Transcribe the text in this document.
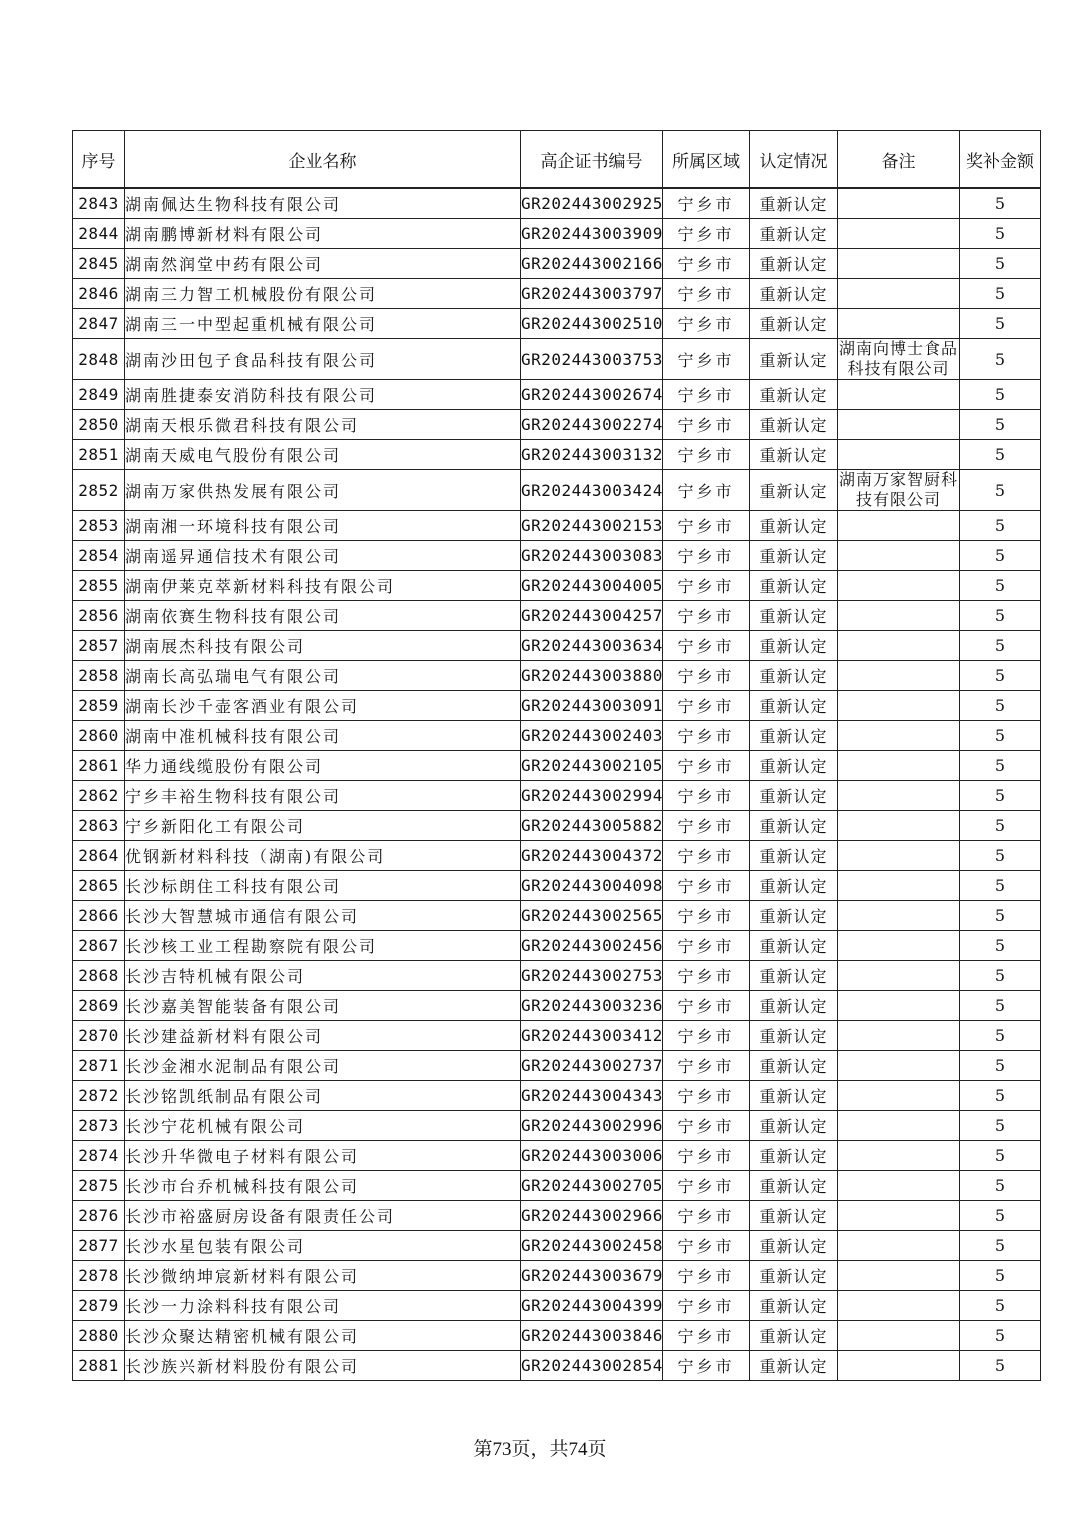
序号	企业名称	高企证书编号	所属区域	认定情况	备注	奖补金额
2843	湖南佩达生物科技有限公司	GR202443002925	宁乡市	重新认定		5
2844	湖南鹏博新材料有限公司	GR202443003909	宁乡市	重新认定		5
2845	湖南然润堂中药有限公司	GR202443002166	宁乡市	重新认定		5
2846	湖南三力智工机械股份有限公司	GR202443003797	宁乡市	重新认定		5
2847	湖南三一中型起重机械有限公司	GR202443002510	宁乡市	重新认定		5
2848	湖南沙田包子食品科技有限公司	GR202443003753	宁乡市	重新认定	湖南向博士食品科技有限公司	5
2849	湖南胜捷泰安消防科技有限公司	GR202443002674	宁乡市	重新认定		5
2850	湖南天根乐微君科技有限公司	GR202443002274	宁乡市	重新认定		5
2851	湖南天威电气股份有限公司	GR202443003132	宁乡市	重新认定		5
2852	湖南万家供热发展有限公司	GR202443003424	宁乡市	重新认定	湖南万家智厨科技有限公司	5
2853	湖南湘一环境科技有限公司	GR202443002153	宁乡市	重新认定		5
2854	湖南遥昇通信技术有限公司	GR202443003083	宁乡市	重新认定		5
2855	湖南伊莱克萃新材料科技有限公司	GR202443004005	宁乡市	重新认定		5
2856	湖南依赛生物科技有限公司	GR202443004257	宁乡市	重新认定		5
2857	湖南展杰科技有限公司	GR202443003634	宁乡市	重新认定		5
2858	湖南长高弘瑞电气有限公司	GR202443003880	宁乡市	重新认定		5
2859	湖南长沙千壶客酒业有限公司	GR202443003091	宁乡市	重新认定		5
2860	湖南中准机械科技有限公司	GR202443002403	宁乡市	重新认定		5
2861	华力通线缆股份有限公司	GR202443002105	宁乡市	重新认定		5
2862	宁乡丰裕生物科技有限公司	GR202443002994	宁乡市	重新认定		5
2863	宁乡新阳化工有限公司	GR202443005882	宁乡市	重新认定		5
2864	优钢新材料科技（湖南)有限公司	GR202443004372	宁乡市	重新认定		5
2865	长沙标朗住工科技有限公司	GR202443004098	宁乡市	重新认定		5
2866	长沙大智慧城市通信有限公司	GR202443002565	宁乡市	重新认定		5
2867	长沙核工业工程勘察院有限公司	GR202443002456	宁乡市	重新认定		5
2868	长沙吉特机械有限公司	GR202443002753	宁乡市	重新认定		5
2869	长沙嘉美智能装备有限公司	GR202443003236	宁乡市	重新认定		5
2870	长沙建益新材料有限公司	GR202443003412	宁乡市	重新认定		5
2871	长沙金湘水泥制品有限公司	GR202443002737	宁乡市	重新认定		5
2872	长沙铭凯纸制品有限公司	GR202443004343	宁乡市	重新认定		5
2873	长沙宁花机械有限公司	GR202443002996	宁乡市	重新认定		5
2874	长沙升华微电子材料有限公司	GR202443003006	宁乡市	重新认定		5
2875	长沙市台乔机械科技有限公司	GR202443002705	宁乡市	重新认定		5
2876	长沙市裕盛厨房设备有限责任公司	GR202443002966	宁乡市	重新认定		5
2877	长沙水星包装有限公司	GR202443002458	宁乡市	重新认定		5
2878	长沙微纳坤宸新材料有限公司	GR202443003679	宁乡市	重新认定		5
2879	长沙一力涂料科技有限公司	GR202443004399	宁乡市	重新认定		5
2880	长沙众聚达精密机械有限公司	GR202443003846	宁乡市	重新认定		5
2881	长沙族兴新材料股份有限公司	GR202443002854	宁乡市	重新认定		5
第73页，共74页
